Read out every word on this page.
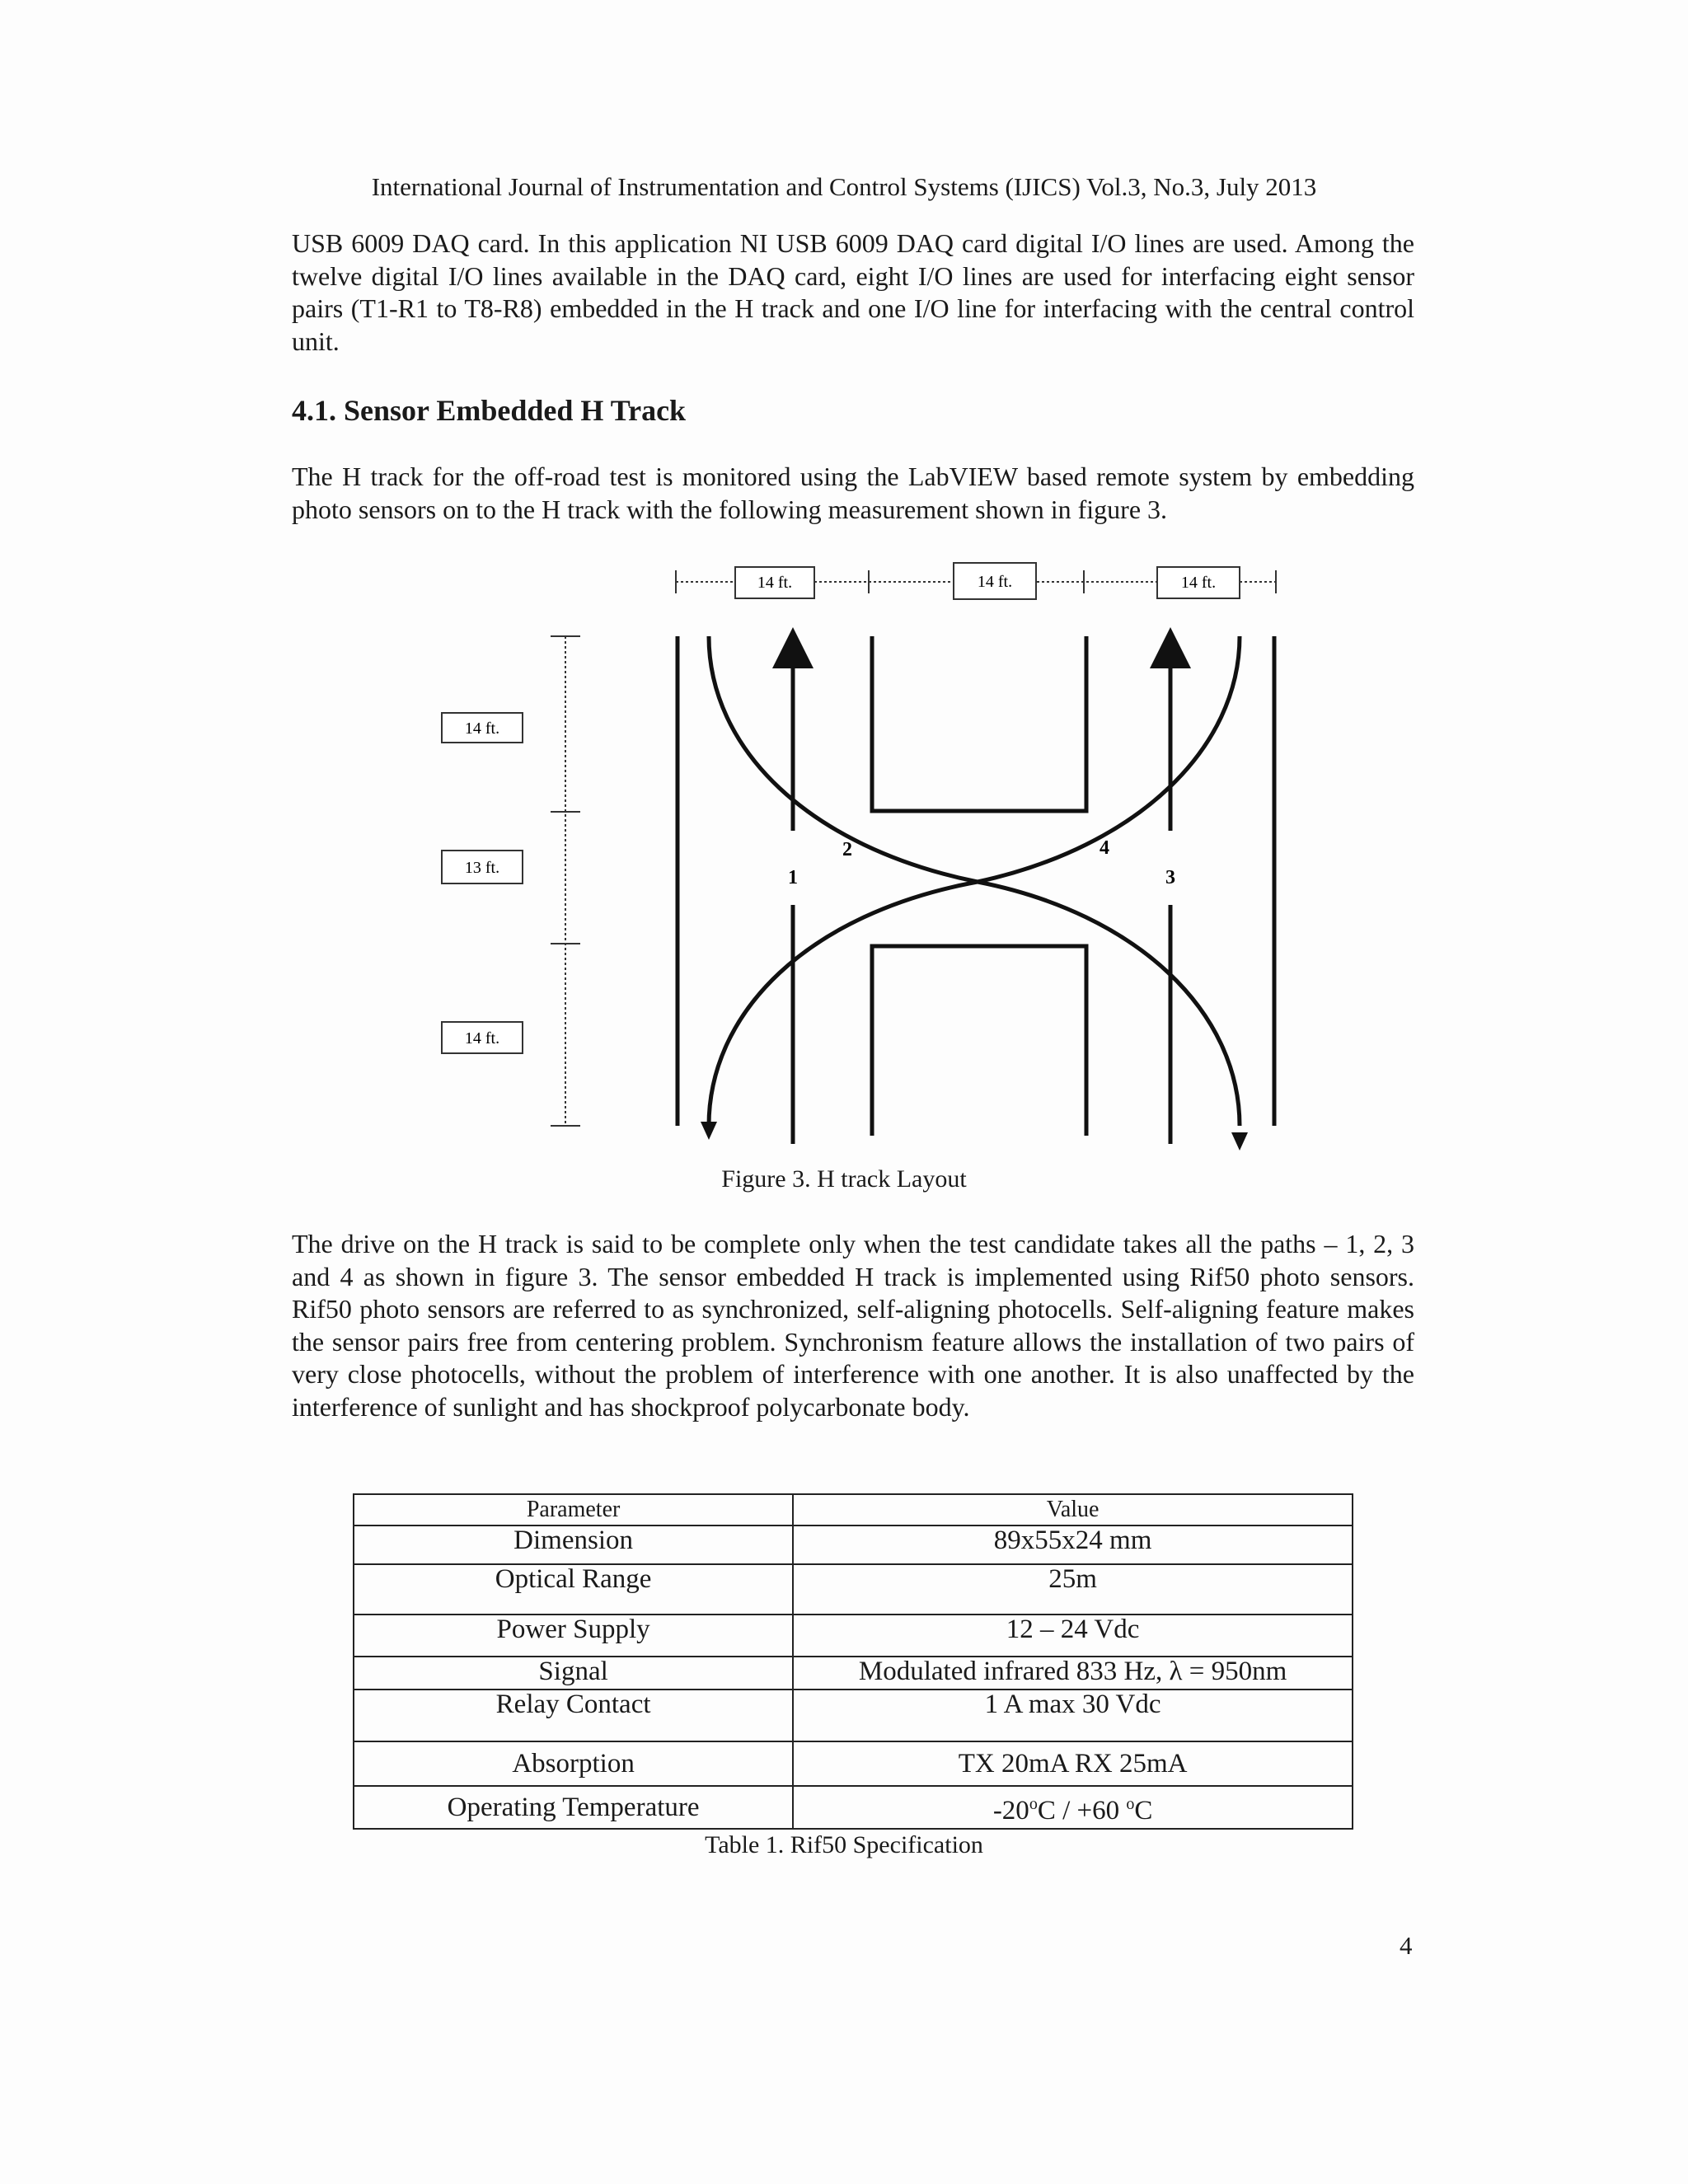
International Journal of Instrumentation and Control Systems (IJICS) Vol.3, No.3, July 2013

USB 6009 DAQ card. In this application NI USB 6009 DAQ card digital I/O lines are used. Among the twelve digital I/O lines available in the DAQ card, eight I/O lines are used for interfacing eight sensor pairs (T1-R1 to T8-R8) embedded in the H track and one I/O line for interfacing with the central control unit.

4.1. Sensor Embedded H Track

The H track for the off-road test is monitored using the LabVIEW based remote system by embedding photo sensors on to the H track with the following measurement shown in figure 3.

14 ft.	14 ft.	14 ft.
14 ft.
13 ft.
14 ft.
1
2
3
4
Figure 3. H track Layout

The drive on the H track is said to be complete only when the test candidate takes all the paths – 1, 2, 3 and 4 as shown in figure 3. The sensor embedded H track is implemented using Rif50 photo sensors. Rif50 photo sensors are referred to as synchronized, self-aligning photocells. Self-aligning feature makes the sensor pairs free from centering problem. Synchronism feature allows the installation of two pairs of very close photocells, without the problem of interference with one another. It is also unaffected by the interference of sunlight and has shockproof polycarbonate body.

Parameter	Value
Dimension	89x55x24 mm
Optical Range	25m
Power Supply	12 – 24 Vdc
Signal	Modulated infrared 833 Hz, λ = 950nm
Relay Contact	1 A max 30 Vdc
Absorption	TX 20mA RX 25mA
Operating Temperature	-20$^o$C / +60 $^o$C
Table 1. Rif50 Specification
4
